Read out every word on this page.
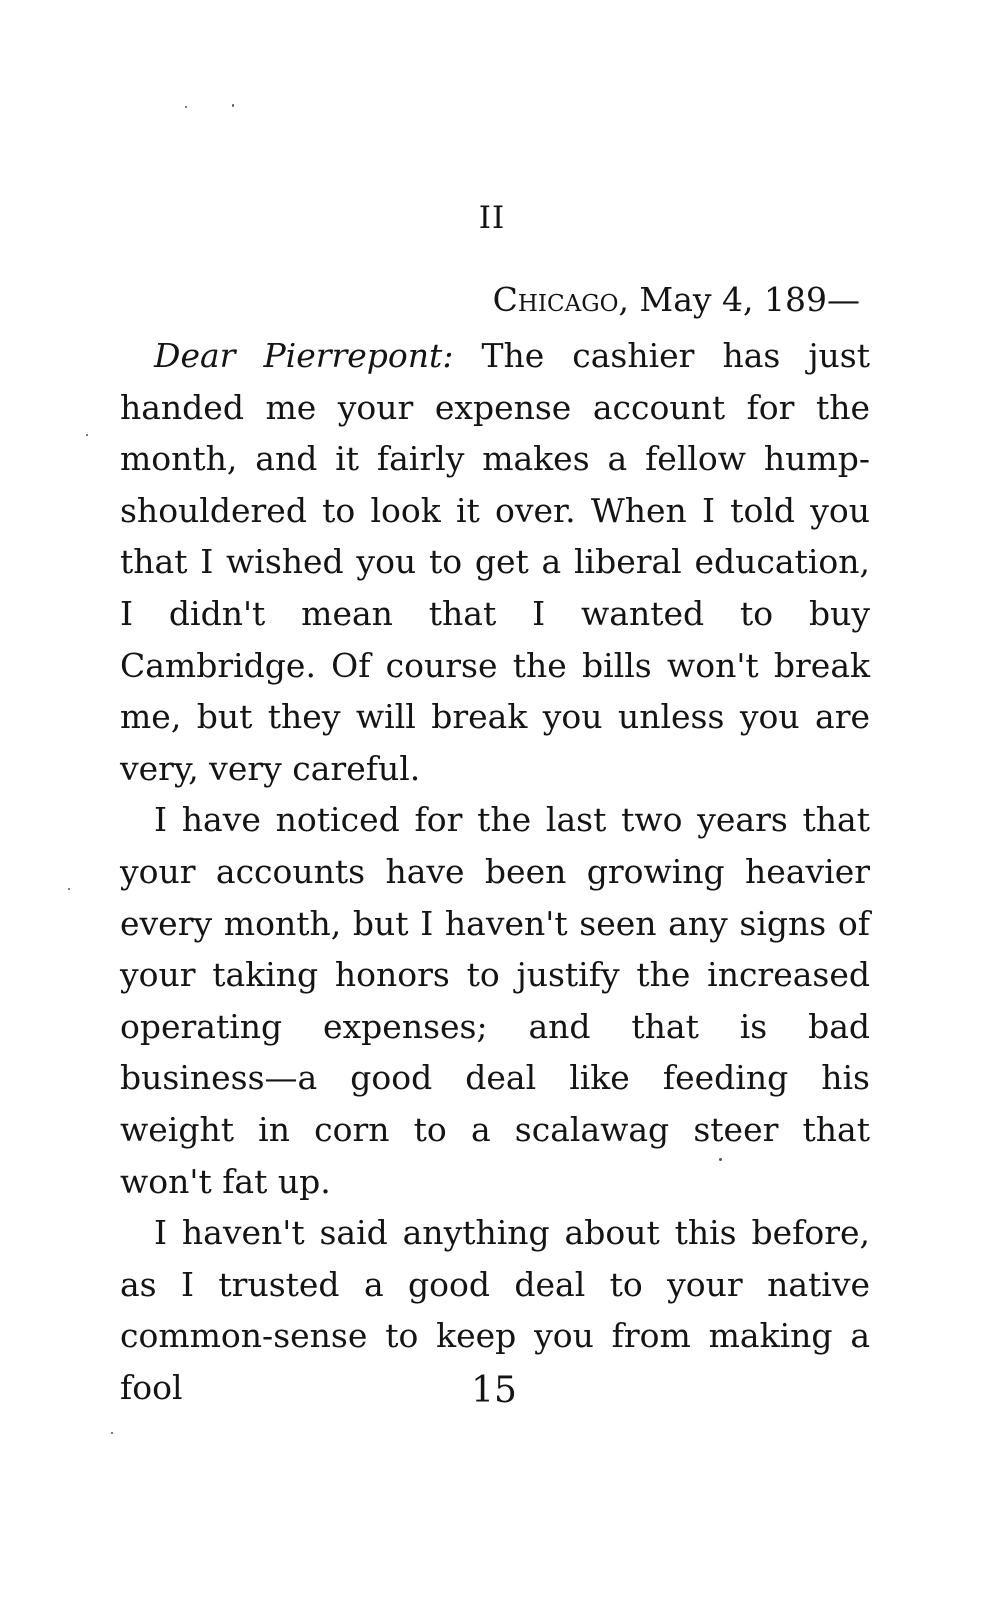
II
Chicago, May 4, 189—

Dear Pierrepont: The cashier has just handed me your expense account for the month, and it fairly makes a fellow hump-shouldered to look it over. When I told you that I wished you to get a liberal education, I didn't mean that I wanted to buy Cambridge. Of course the bills won't break me, but they will break you unless you are very, very careful.

I have noticed for the last two years that your accounts have been growing heavier every month, but I haven't seen any signs of your taking honors to justify the increased operating expenses; and that is bad business—a good deal like feeding his weight in corn to a scalawag steer that won't fat up.

I haven't said anything about this before, as I trusted a good deal to your native common-sense to keep you from making a fool	15
